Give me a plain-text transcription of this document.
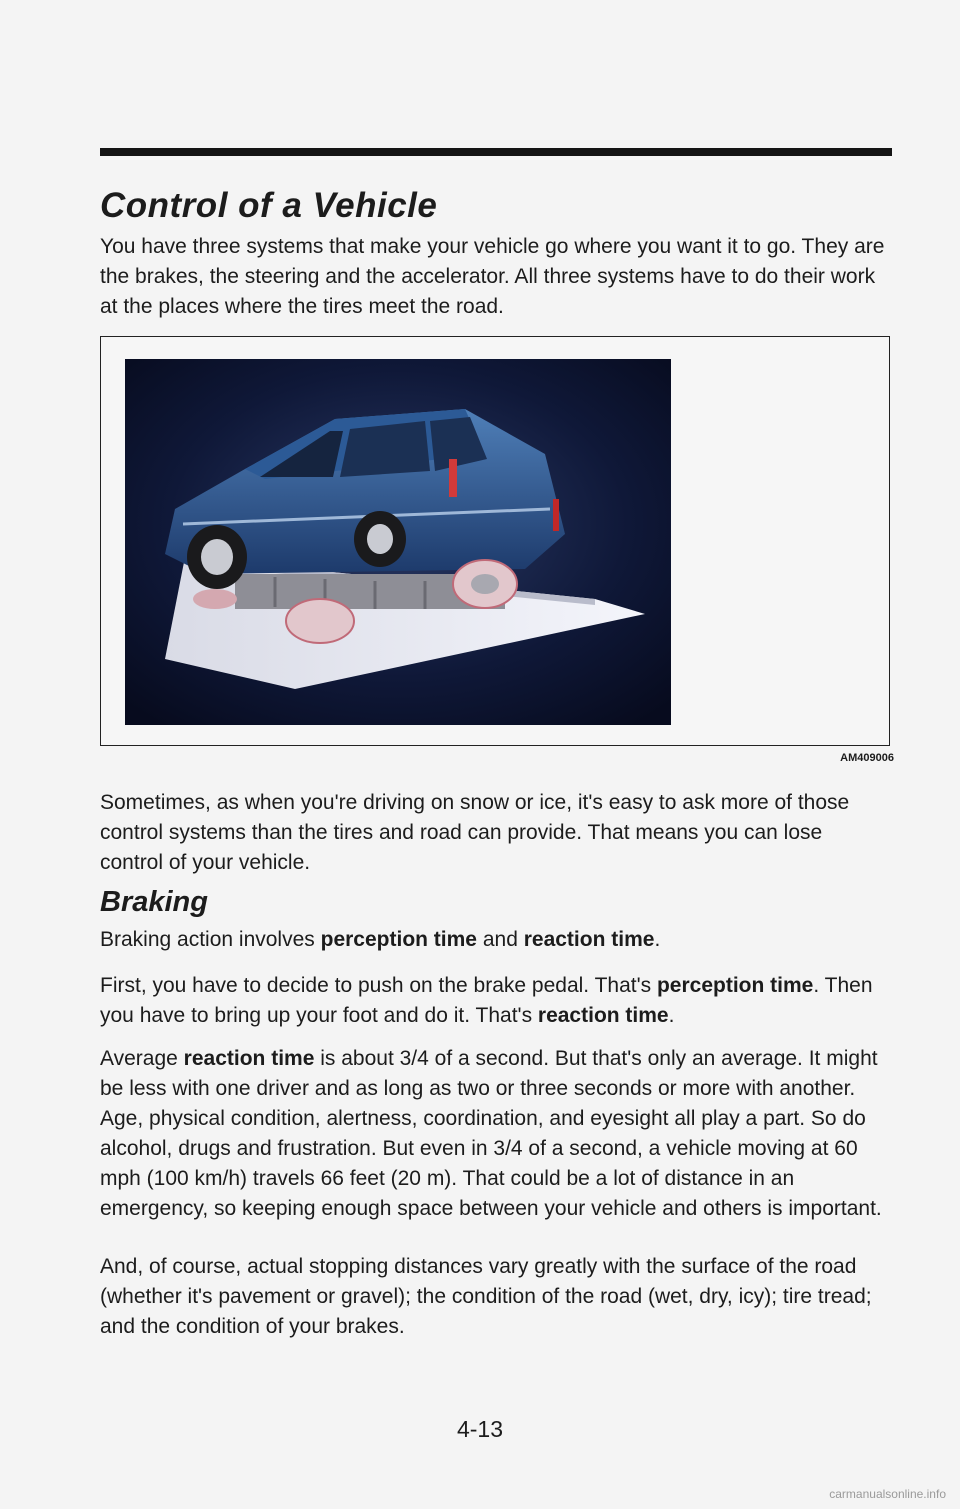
Control of a Vehicle

You have three systems that make your vehicle go where you want it to go. They are the brakes, the steering and the accelerator. All three systems have to do their work at the places where the tires meet the road.

AM409006

Sometimes, as when you're driving on snow or ice, it's easy to ask more of those control systems than the tires and road can provide. That means you can lose control of your vehicle.

Braking

Braking action involves perception time and reaction time.

First, you have to decide to push on the brake pedal. That's perception time. Then you have to bring up your foot and do it. That's reaction time.

Average reaction time is about 3/4 of a second. But that's only an average. It might be less with one driver and as long as two or three seconds or more with another. Age, physical condition, alertness, coordination, and eyesight all play a part. So do alcohol, drugs and frustration. But even in 3/4 of a second, a vehicle moving at 60 mph (100 km/h) travels 66 feet (20 m). That could be a lot of distance in an emergency, so keeping enough space between your vehicle and others is important.

And, of course, actual stopping distances vary greatly with the surface of the road (whether it's pavement or gravel); the condition of the road (wet, dry, icy); tire tread; and the condition of your brakes.

4-13
carmanualsonline.info
